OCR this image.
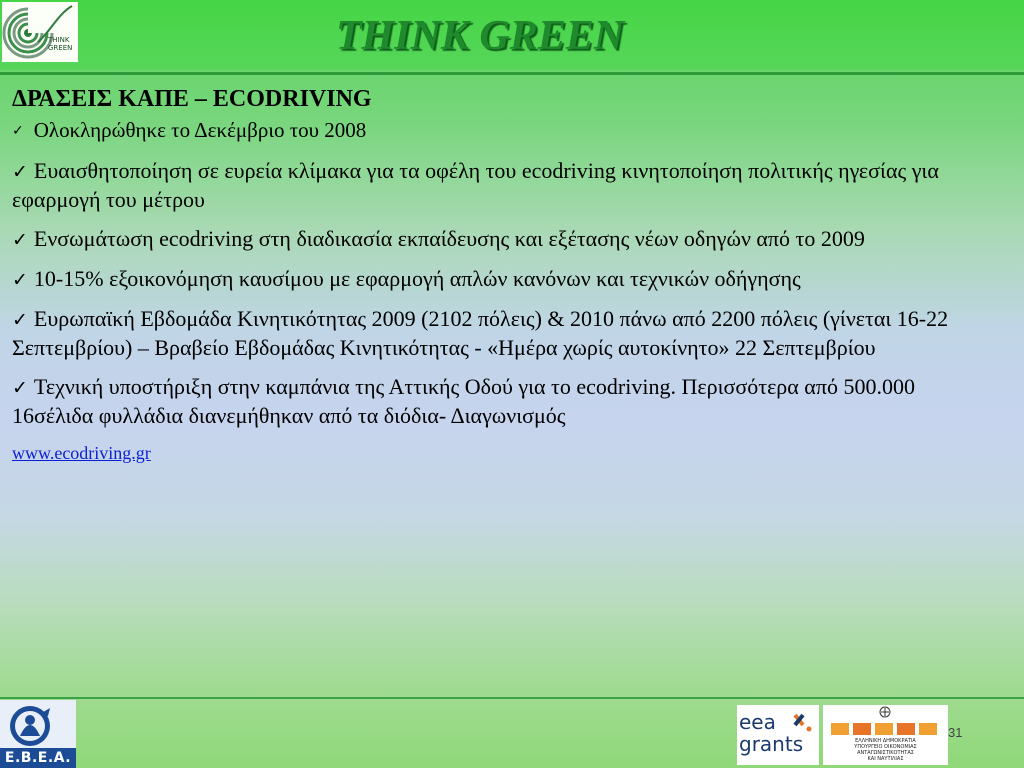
THINK
GREEN	THINK GREEN
ΔΡΑΣΕΙΣ ΚΑΠΕ – ECODRIVING
✓ Ολοκληρώθηκε το Δεκέμβριο του 2008
✓ Ευαισθητοποίηση σε ευρεία κλίμακα για τα οφέλη του ecodriving κινητοποίηση πολιτικής ηγεσίας για εφαρμογή του μέτρου
✓ Ενσωμάτωση ecodriving στη διαδικασία εκπαίδευσης και εξέτασης νέων οδηγών από το 2009
✓ 10-15% εξοικονόμηση καυσίμου με εφαρμογή απλών κανόνων και τεχνικών οδήγησης
✓ Ευρωπαϊκή Εβδομάδα Κινητικότητας 2009 (2102 πόλεις) & 2010 πάνω από 2200 πόλεις (γίνεται 16-22 Σεπτεμβρίου) – Βραβείο Εβδομάδας Κινητικότητας - «Ημέρα χωρίς αυτοκίνητο» 22 Σεπτεμβρίου
✓ Τεχνική υποστήριξη στην καμπάνια της Αττικής Οδού για το ecodriving. Περισσότερα από 500.000 16σέλιδα φυλλάδια διανεμήθηκαν από τα διόδια- Διαγωνισμός
www.ecodriving.gr
E.B.E.A.
eea
grants	ΕΛΛΗΝΙΚΗ ΔΗΜΟΚΡΑΤΙΑ
ΥΠΟΥΡΓΕΙΟ ΟΙΚΟΝΟΜΙΑΣ
ΑΝΤΑΓΩΝΙΣΤΙΚΟΤΗΤΑΣ
ΚΑΙ ΝΑΥΤΙΛΙΑΣ
31
